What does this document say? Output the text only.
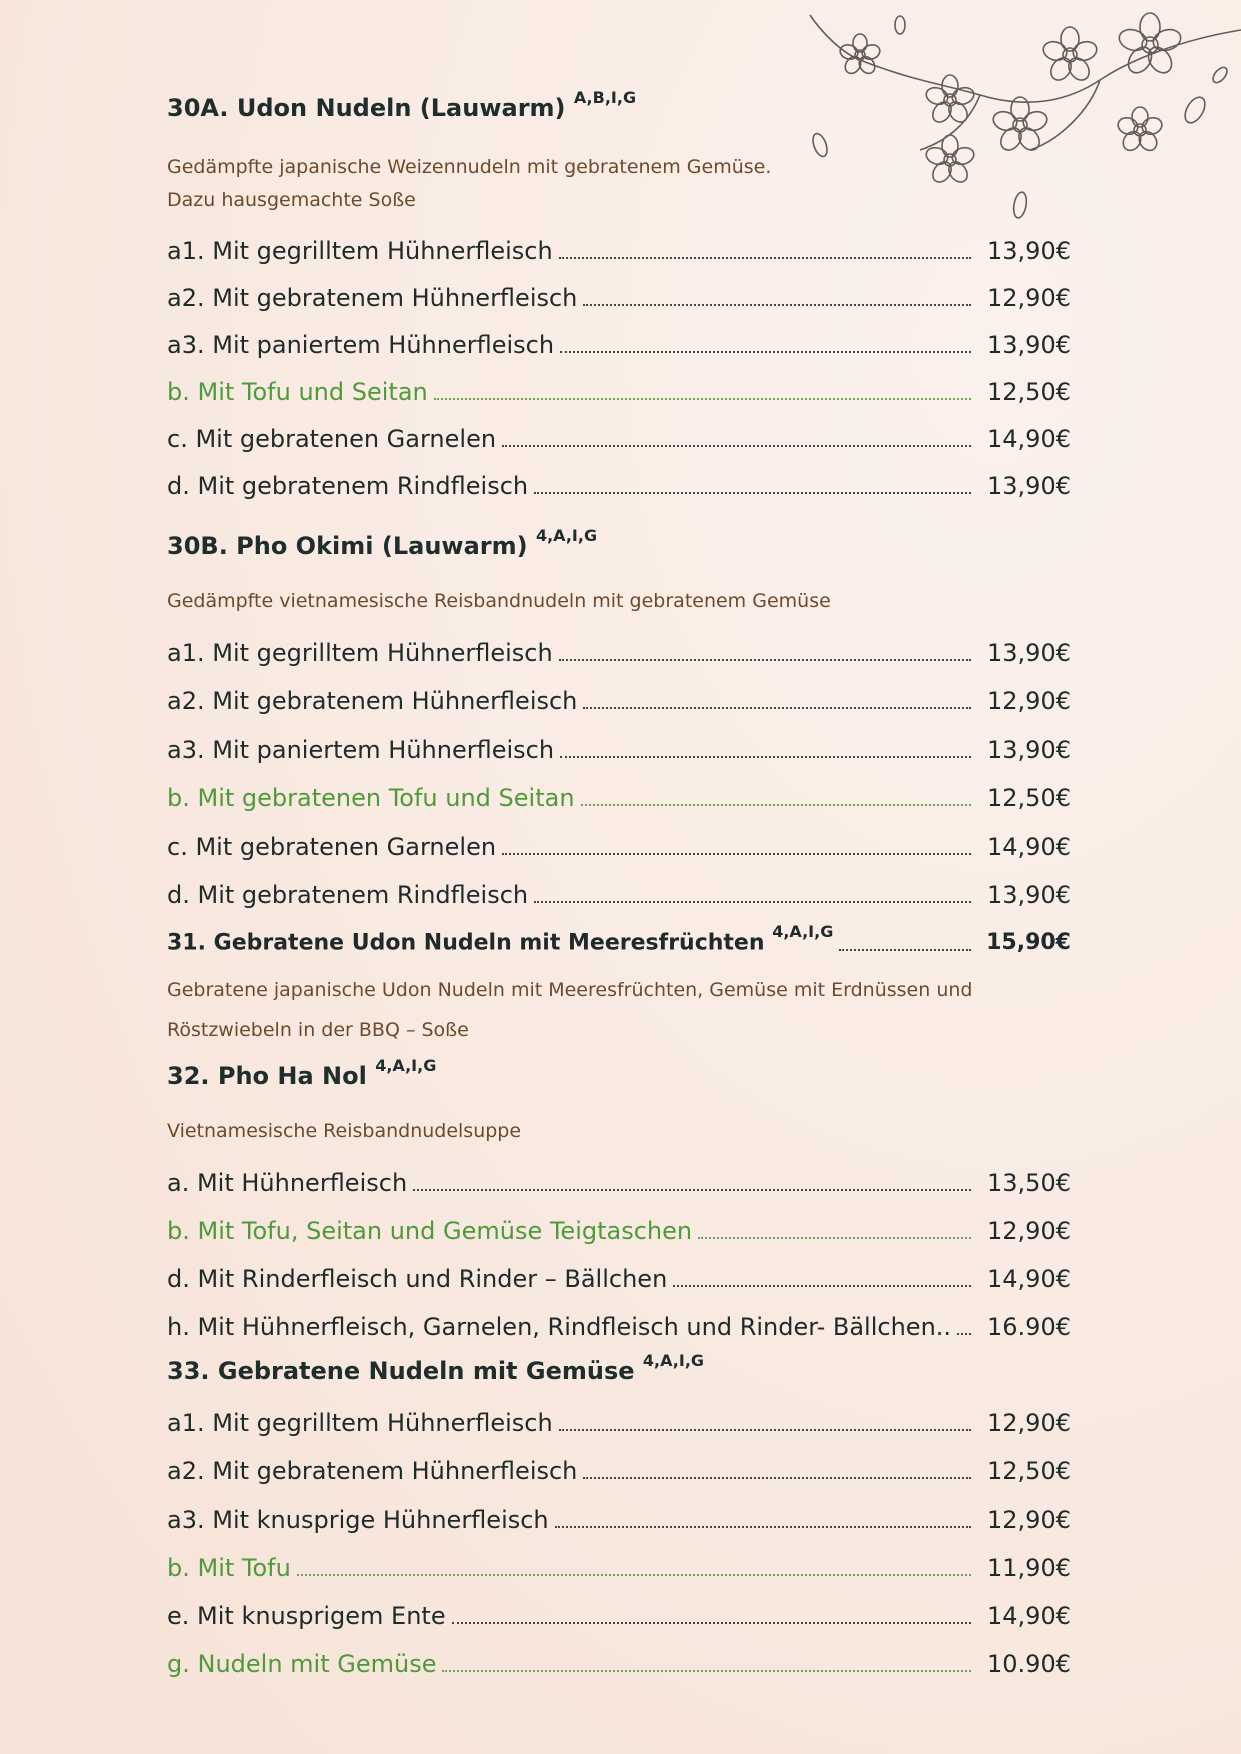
30A. Udon Nudeln (Lauwarm) $^{A,B,I,G}$
Gedämpfte japanische Weizennudeln mit gebratenem Gemüse.
Dazu hausgemachte Soße
a1. Mit gegrilltem Hühnerfleisch	13,90€
a2. Mit gebratenem Hühnerfleisch	12,90€
a3. Mit paniertem Hühnerfleisch	13,90€
b. Mit Tofu und Seitan	12,50€
c. Mit gebratenen Garnelen	14,90€
d. Mit gebratenem Rindfleisch	13,90€
30B. Pho Okimi (Lauwarm) $^{4,A,I,G}$
Gedämpfte vietnamesische Reisbandnudeln mit gebratenem Gemüse
a1. Mit gegrilltem Hühnerfleisch	13,90€
a2. Mit gebratenem Hühnerfleisch	12,90€
a3. Mit paniertem Hühnerfleisch	13,90€
b. Mit gebratenen Tofu und Seitan	12,50€
c. Mit gebratenen Garnelen	14,90€
d. Mit gebratenem Rindfleisch	13,90€
31. Gebratene Udon Nudeln mit Meeresfrüchten $^{4,A,I,G}$	15,90€
Gebratene japanische Udon Nudeln mit Meeresfrüchten, Gemüse mit Erdnüssen und
Röstzwiebeln in der BBQ – Soße
32. Pho Ha Nol $^{4,A,I,G}$
Vietnamesische Reisbandnudelsuppe
a. Mit Hühnerfleisch	13,50€
b. Mit Tofu, Seitan und Gemüse Teigtaschen	12,90€
d. Mit Rinderfleisch und Rinder – Bällchen	14,90€
h. Mit Hühnerfleisch, Garnelen, Rindfleisch und Rinder- Bällchen..	16.90€
33. Gebratene Nudeln mit Gemüse $^{4,A,I,G}$
a1. Mit gegrilltem Hühnerfleisch	12,90€
a2. Mit gebratenem Hühnerfleisch	12,50€
a3. Mit knusprige Hühnerfleisch	12,90€
b. Mit Tofu	11,90€
e. Mit knusprigem Ente	14,90€
g. Nudeln mit Gemüse	10.90€
